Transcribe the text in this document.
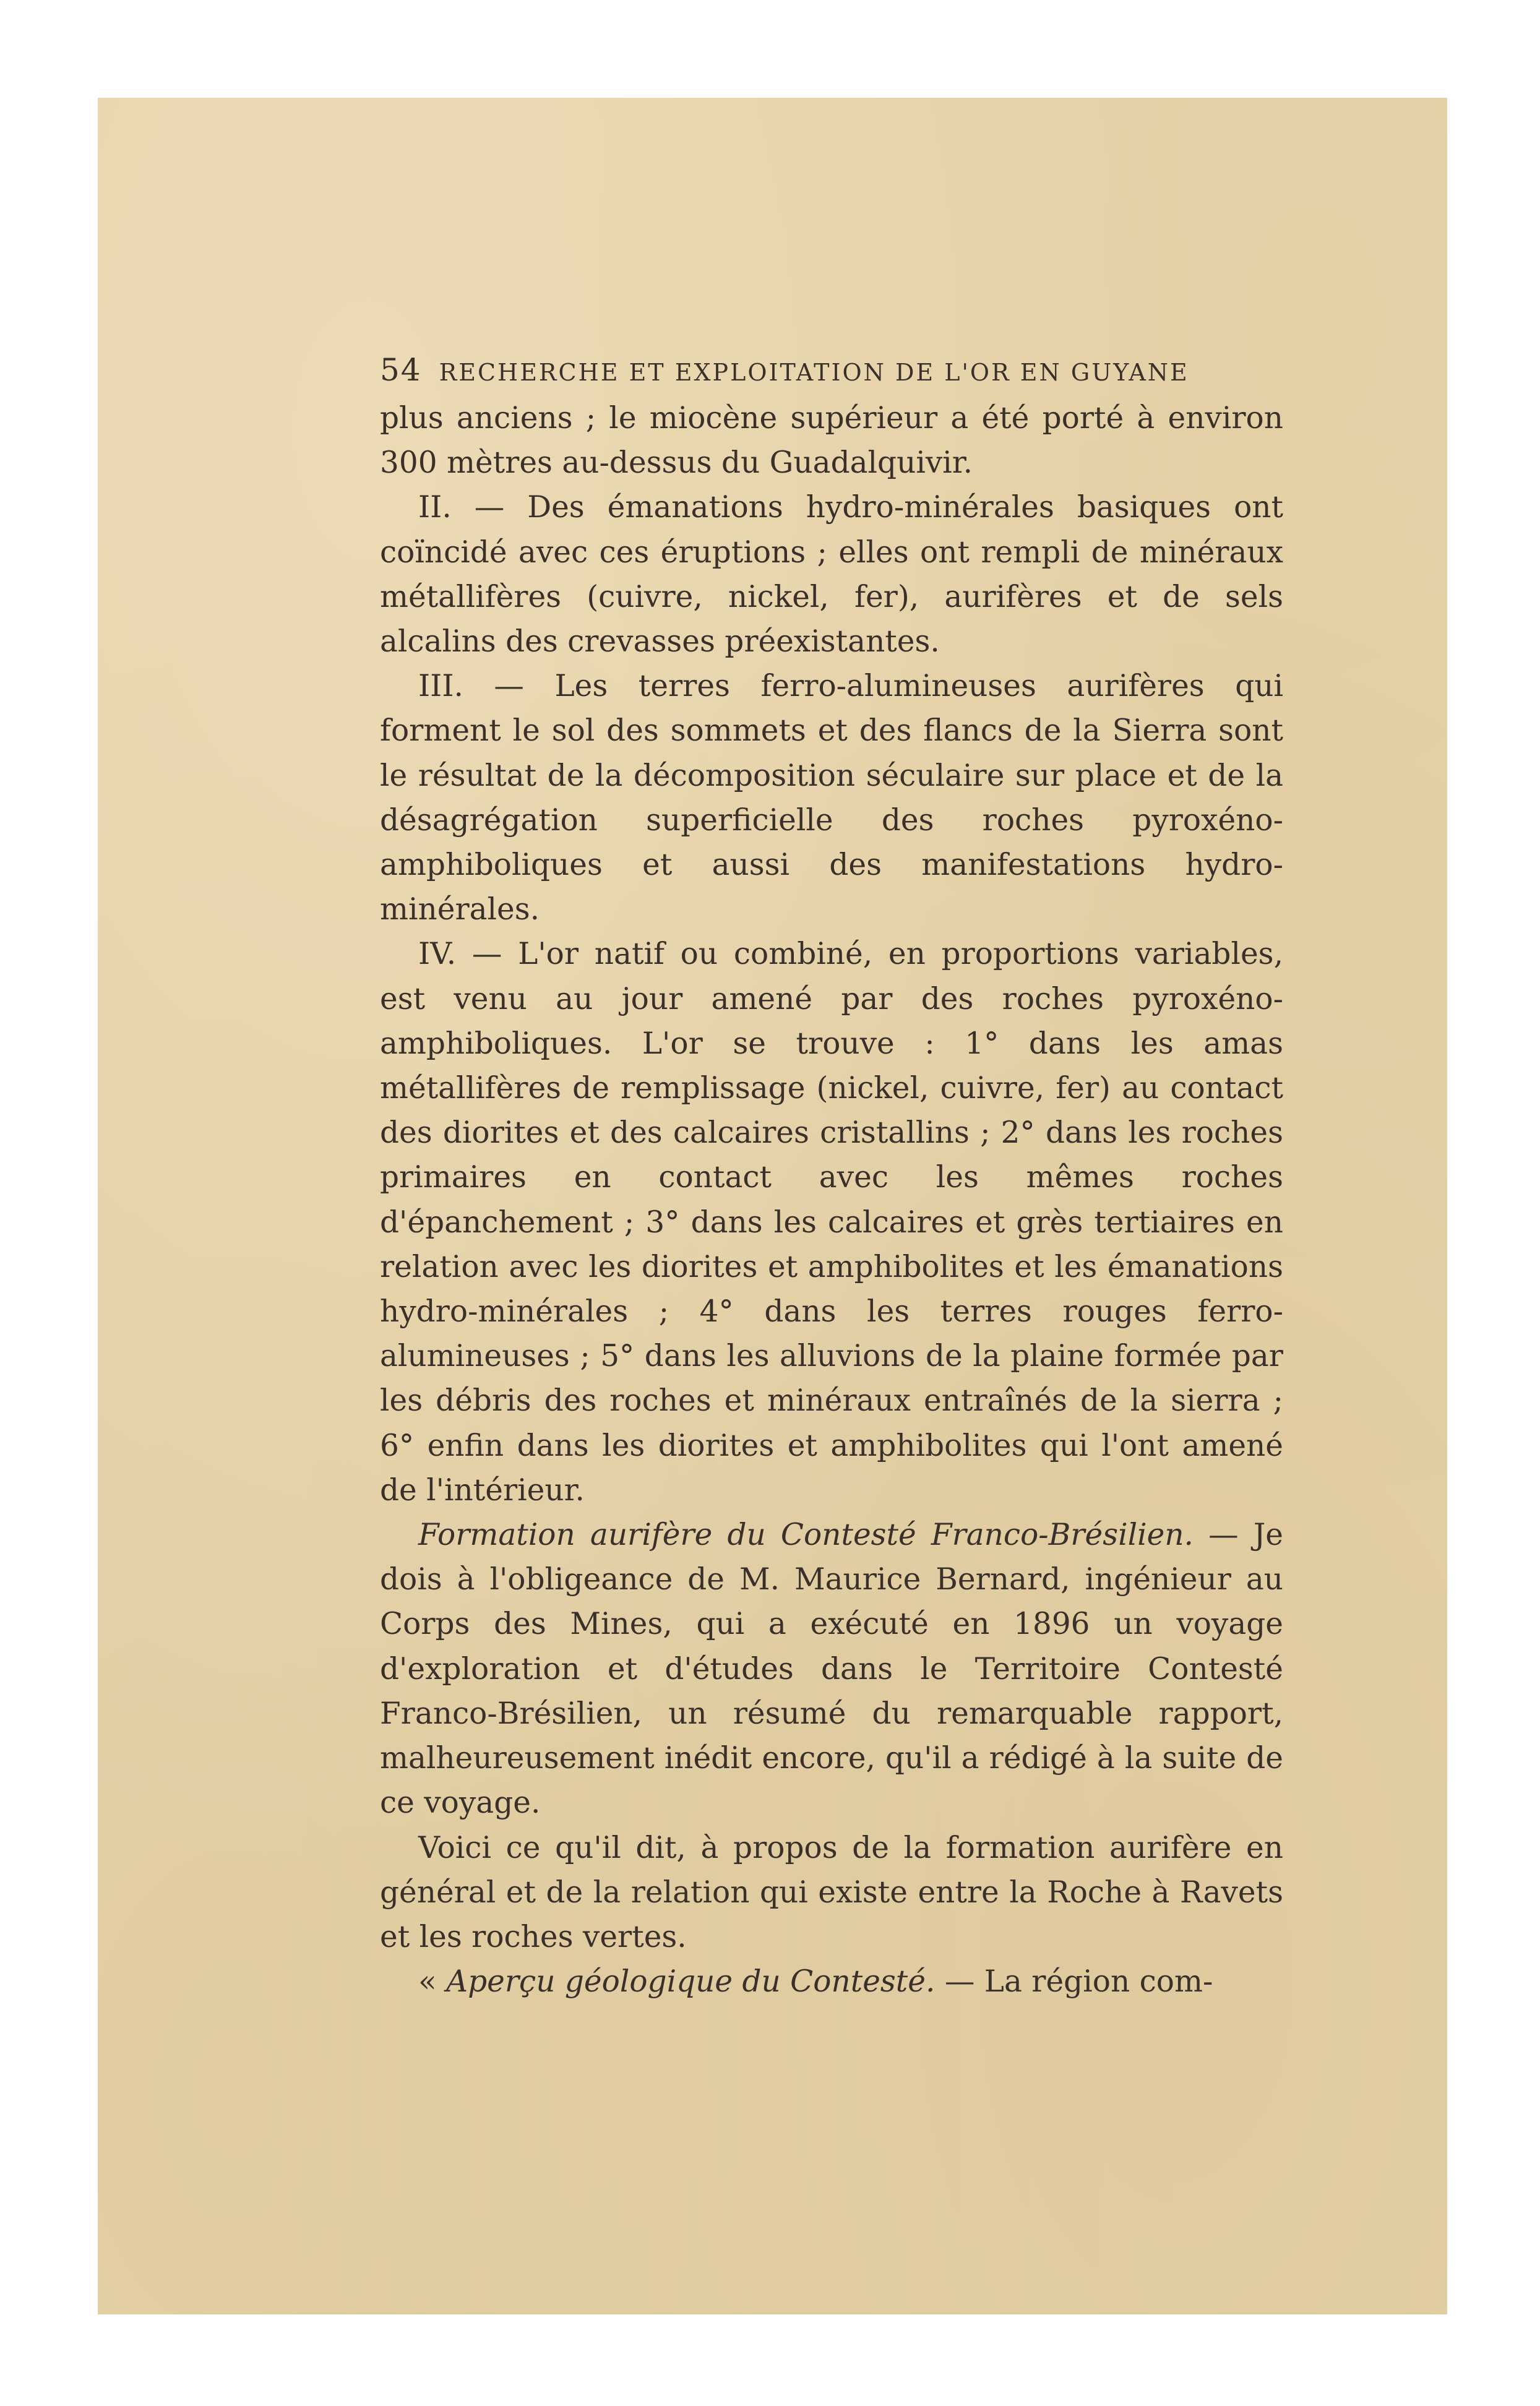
54 RECHERCHE ET EXPLOITATION DE L'OR EN GUYANE

plus anciens ; le miocène supérieur a été porté à environ 300 mètres au-dessus du Guadalquivir.

II. — Des émanations hydro-minérales basiques ont coïncidé avec ces éruptions ; elles ont rempli de minéraux métallifères (cuivre, nickel, fer), aurifères et de sels alcalins des crevasses préexistantes.

III. — Les terres ferro-alumineuses aurifères qui forment le sol des sommets et des flancs de la Sierra sont le résultat de la décomposition séculaire sur place et de la désagrégation superficielle des roches pyroxéno-amphiboliques et aussi des manifestations hydro-minérales.

IV. — L'or natif ou combiné, en proportions variables, est venu au jour amené par des roches pyroxéno-amphiboliques. L'or se trouve : 1° dans les amas métallifères de remplissage (nickel, cuivre, fer) au contact des diorites et des calcaires cristallins ; 2° dans les roches primaires en contact avec les mêmes roches d'épanchement ; 3° dans les calcaires et grès tertiaires en relation avec les diorites et amphibolites et les émanations hydro-minérales ; 4° dans les terres rouges ferro-alumineuses ; 5° dans les alluvions de la plaine formée par les débris des roches et minéraux entraînés de la sierra ; 6° enfin dans les diorites et amphibolites qui l'ont amené de l'intérieur.

Formation aurifère du Contesté Franco-Brésilien. — Je dois à l'obligeance de M. Maurice Bernard, ingénieur au Corps des Mines, qui a exécuté en 1896 un voyage d'exploration et d'études dans le Territoire Contesté Franco-Brésilien, un résumé du remarquable rapport, malheureusement inédit encore, qu'il a rédigé à la suite de ce voyage.

Voici ce qu'il dit, à propos de la formation aurifère en général et de la relation qui existe entre la Roche à Ravets et les roches vertes.

« Aperçu géologique du Contesté. — La région com-
